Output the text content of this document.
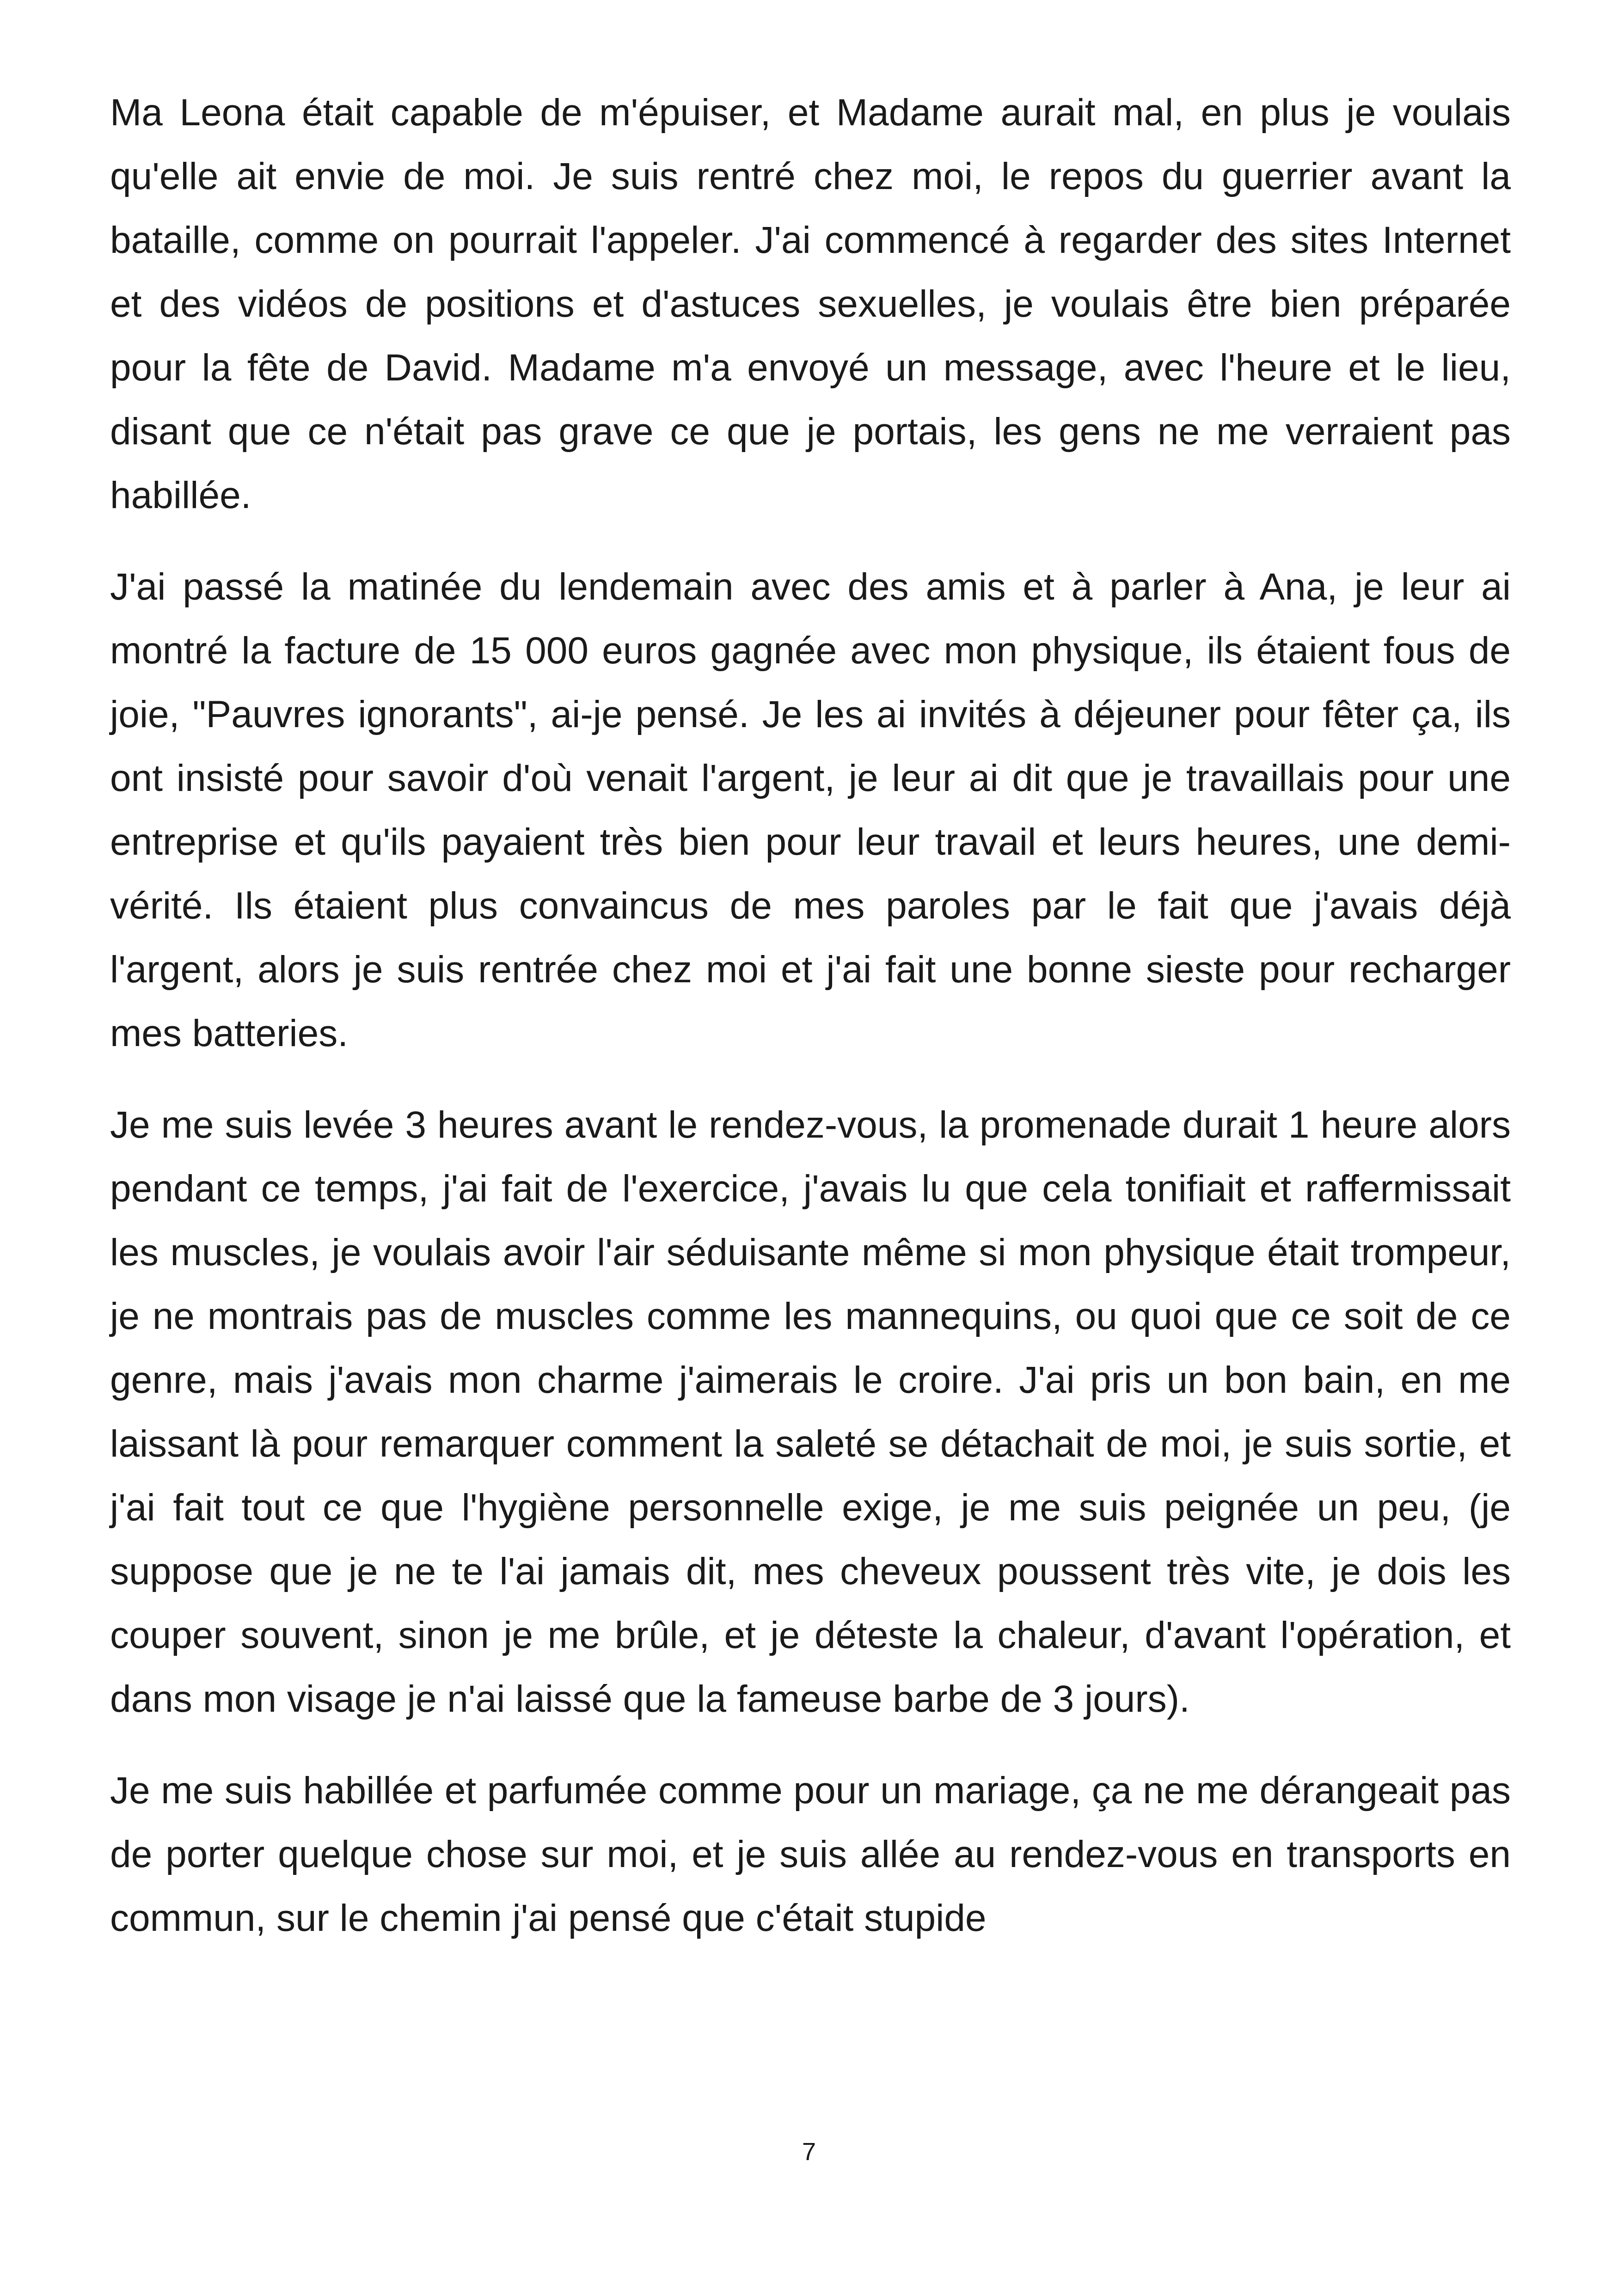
Ma Leona était capable de m'épuiser, et Madame aurait mal, en plus je voulais qu'elle ait envie de moi. Je suis rentré chez moi, le repos du guerrier avant la bataille, comme on pourrait l'appeler. J'ai commencé à regarder des sites Internet et des vidéos de positions et d'astuces sexuelles, je voulais être bien préparée pour la fête de David. Madame m'a envoyé un message, avec l'heure et le lieu, disant que ce n'était pas grave ce que je portais, les gens ne me verraient pas habillée.

J'ai passé la matinée du lendemain avec des amis et à parler à Ana, je leur ai montré la facture de 15 000 euros gagnée avec mon physique, ils étaient fous de joie, "Pauvres ignorants", ai-je pensé. Je les ai invités à déjeuner pour fêter ça, ils ont insisté pour savoir d'où venait l'argent, je leur ai dit que je travaillais pour une entreprise et qu'ils payaient très bien pour leur travail et leurs heures, une demi-vérité. Ils étaient plus convaincus de mes paroles par le fait que j'avais déjà l'argent, alors je suis rentrée chez moi et j'ai fait une bonne sieste pour recharger mes batteries.

Je me suis levée 3 heures avant le rendez-vous, la promenade durait 1 heure alors pendant ce temps, j'ai fait de l'exercice, j'avais lu que cela tonifiait et raffermissait les muscles, je voulais avoir l'air séduisante même si mon physique était trompeur, je ne montrais pas de muscles comme les mannequins, ou quoi que ce soit de ce genre, mais j'avais mon charme j'aimerais le croire. J'ai pris un bon bain, en me laissant là pour remarquer comment la saleté se détachait de moi, je suis sortie, et j'ai fait tout ce que l'hygiène personnelle exige, je me suis peignée un peu, (je suppose que je ne te l'ai jamais dit, mes cheveux poussent très vite, je dois les couper souvent, sinon je me brûle, et je déteste la chaleur, d'avant l'opération, et dans mon visage je n'ai laissé que la fameuse barbe de 3 jours).

Je me suis habillée et parfumée comme pour un mariage, ça ne me dérangeait pas de porter quelque chose sur moi, et je suis allée au rendez-vous en transports en commun, sur le chemin j'ai pensé que c'était stupide

7
